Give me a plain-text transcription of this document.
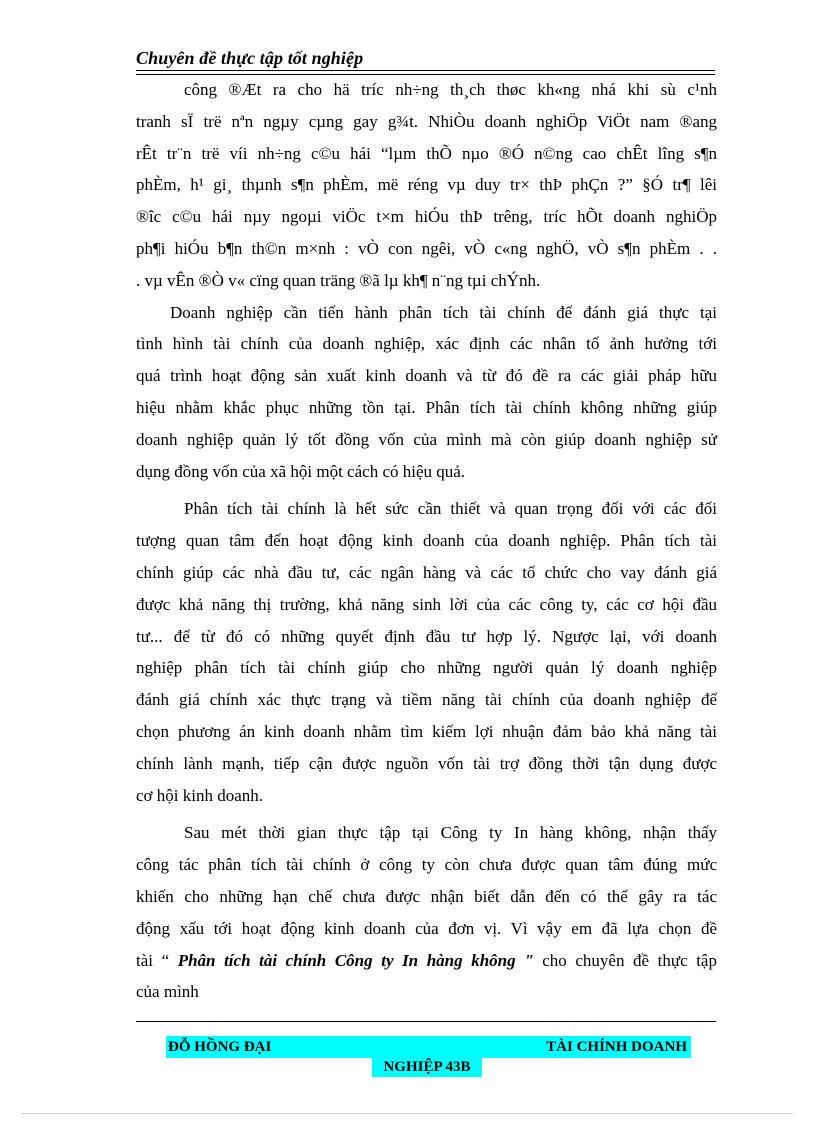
Chuyên đề thực tập tốt nghiệp
công ®Æt ra cho hä tríc nh÷ng th¸ch thøc kh«ng nhá khi sù c¹nh
tranh sÏ trë nªn ngµy cµng gay g¾t. NhiÒu doanh nghiÖp ViÖt nam ®ang
rÊt tr¨n trë víi nh÷ng c©u hái “lµm thÕ nµo ®Ó n©ng cao chÊt lîng s¶n
phÈm, h¹ gi¸ thµnh s¶n phÈm, më réng vµ duy tr× thÞ phÇn ?” §Ó tr¶ lêi
®îc c©u hái nµy ngoµi viÖc t×m hiÓu thÞ trêng, tríc hÕt doanh nghiÖp
ph¶i hiÓu b¶n th©n m×nh : vÒ con ngêi, vÒ c«ng nghÖ, vÒ s¶n phÈm . .
. vµ vÊn ®Ò v« cïng quan träng ®ã lµ kh¶ n¨ng tµi chÝnh.
Doanh nghiệp cần tiến hành phân tích tài chính để đánh giá thực tại
tình hình tài chính của doanh nghiệp, xác định các nhân tố ảnh hưởng tới
quá trình hoạt động sản xuất kinh doanh và từ đó đề ra các giải pháp hữu
hiệu nhằm khắc phục những tồn tại. Phân tích tài chính không những giúp
doanh nghiệp quản lý tốt đồng vốn của mình mà còn giúp doanh nghiệp sử
dụng đồng vốn của xã hội một cách có hiệu quả.
Phân tích tài chính là hết sức cần thiết và quan trọng đối với các đối
tượng quan tâm đến hoạt động kinh doanh của doanh nghiệp. Phân tích tài
chính giúp các nhà đầu tư, các ngân hàng và các tổ chức cho vay đánh giá
được khả năng thị trường, khả năng sinh lời của các công ty, các cơ hội đầu
tư... để từ đó có những quyết định đầu tư hợp lý. Ngược lại, với doanh
nghiệp phân tích tài chính giúp cho những người quản lý doanh nghiệp
đánh giá chính xác thực trạng và tiềm năng tài chính của doanh nghiệp để
chọn phương án kinh doanh nhằm tìm kiếm lợi nhuận đảm bảo khả năng tài
chính lành mạnh, tiếp cận được nguồn vốn tài trợ đồng thời tận dụng được
cơ hội kinh doanh.
Sau mét thời gian thực tập tại Công ty In hàng không, nhận thấy
công tác phân tích tài chính ở công ty còn chưa được quan tâm đúng mức
khiến cho những hạn chế chưa được nhận biết dẫn đến có thể gây ra tác
động xấu tới hoạt động kinh doanh của đơn vị. Vì vậy em đã lựa chọn đề
tài “ Phân tích tài chính Công ty In hàng không " cho chuyên đề thực tập
của mình
ĐỖ HỒNG ĐẠI	TÀI CHÍNH DOANH
NGHIỆP 43B
